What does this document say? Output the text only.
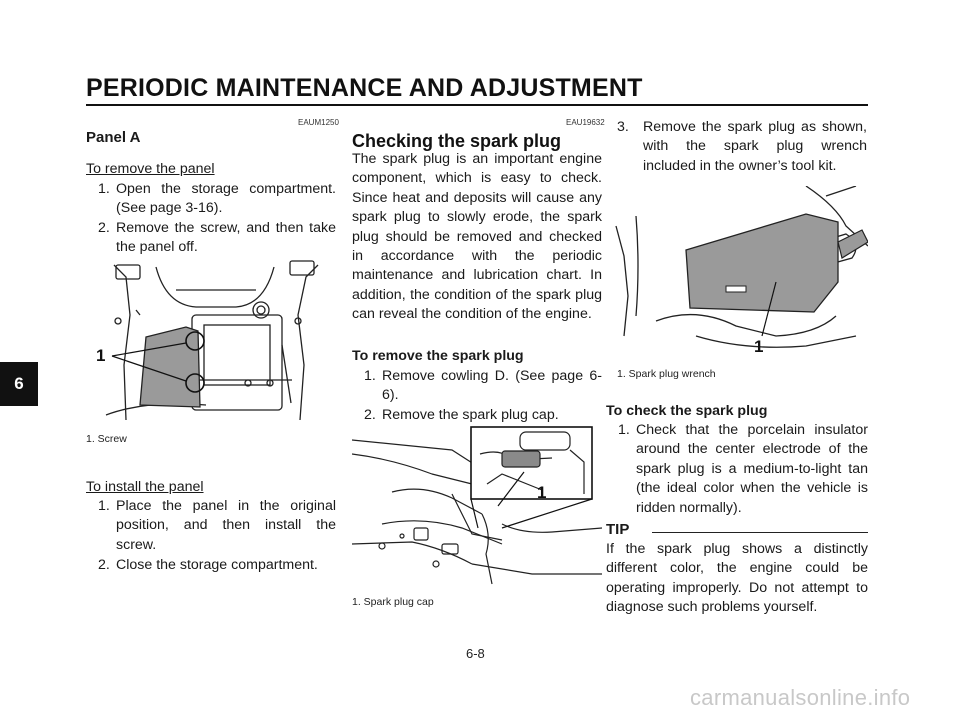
PERIODIC MAINTENANCE AND ADJUSTMENT
6
EAUM1250
Panel A
To remove the panel
1. Open the storage compartment. (See page 3-16).
2. Remove the screw, and then take the panel off.
1
1. Screw
To install the panel
1. Place the panel in the original position, and then install the screw.
2. Close the storage compartment.
EAU19632
Checking the spark plug
The spark plug is an important engine component, which is easy to check. Since heat and deposits will cause any spark plug to slowly erode, the spark plug should be removed and checked in accordance with the periodic maintenance and lubrication chart. In addition, the condition of the spark plug can reveal the condition of the engine.
To remove the spark plug
1. Remove cowling D. (See page 6-6).
2. Remove the spark plug cap.
1
1. Spark plug cap
3. Remove the spark plug as shown, with the spark plug wrench included in the owner’s tool kit.
1
1. Spark plug wrench
To check the spark plug
1. Check that the porcelain insulator around the center electrode of the spark plug is a medium-to-light tan (the ideal color when the vehicle is ridden normally).
TIP
If the spark plug shows a distinctly different color, the engine could be operating improperly. Do not attempt to diagnose such problems yourself.
6-8
carmanualsonline.info
